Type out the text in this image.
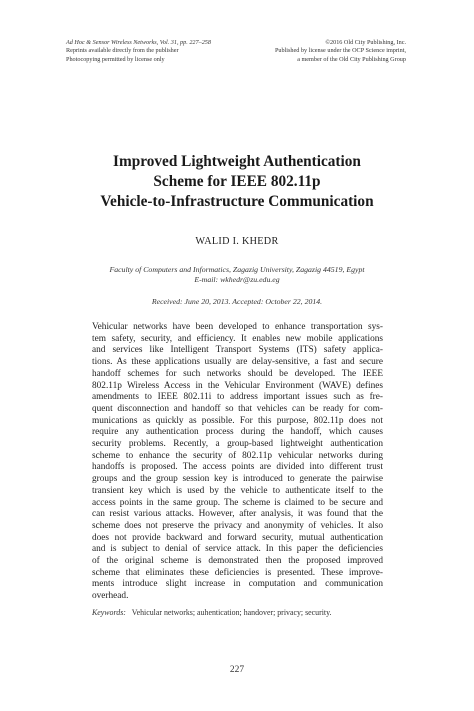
Ad Hoc & Sensor Wireless Networks, Vol. 31, pp. 227–258
Reprints available directly from the publisher
Photocopying permitted by license only
©2016 Old City Publishing, Inc.
Published by license under the OCP Science imprint,
a member of the Old City Publishing Group
Improved Lightweight Authentication
Scheme for IEEE 802.11p
Vehicle-to-Infrastructure Communication
WALID I. KHEDR
Faculty of Computers and Informatics, Zagazig University, Zagazig 44519, Egypt
E-mail: wkhedr@zu.edu.eg
Received: June 20, 2013. Accepted: October 22, 2014.
Vehicular networks have been developed to enhance transportation sys-
tem safety, security, and efficiency. It enables new mobile applications
and services like Intelligent Transport Systems (ITS) safety applica-
tions. As these applications usually are delay-sensitive, a fast and secure
handoff schemes for such networks should be developed. The IEEE
802.11p Wireless Access in the Vehicular Environment (WAVE) defines
amendments to IEEE 802.11i to address important issues such as fre-
quent disconnection and handoff so that vehicles can be ready for com-
munications as quickly as possible. For this purpose, 802.11p does not
require any authentication process during the handoff, which causes
security problems. Recently, a group-based lightweight authentication
scheme to enhance the security of 802.11p vehicular networks during
handoffs is proposed. The access points are divided into different trust
groups and the group session key is introduced to generate the pairwise
transient key which is used by the vehicle to authenticate itself to the
access points in the same group. The scheme is claimed to be secure and
can resist various attacks. However, after analysis, it was found that the
scheme does not preserve the privacy and anonymity of vehicles. It also
does not provide backward and forward security, mutual authentication
and is subject to denial of service attack. In this paper the deficiencies
of the original scheme is demonstrated then the proposed improved
scheme that eliminates these deficiencies is presented. These improve-
ments introduce slight increase in computation and communication
overhead.
Keywords: Vehicular networks; auhentication; handover; privacy; security.
227
